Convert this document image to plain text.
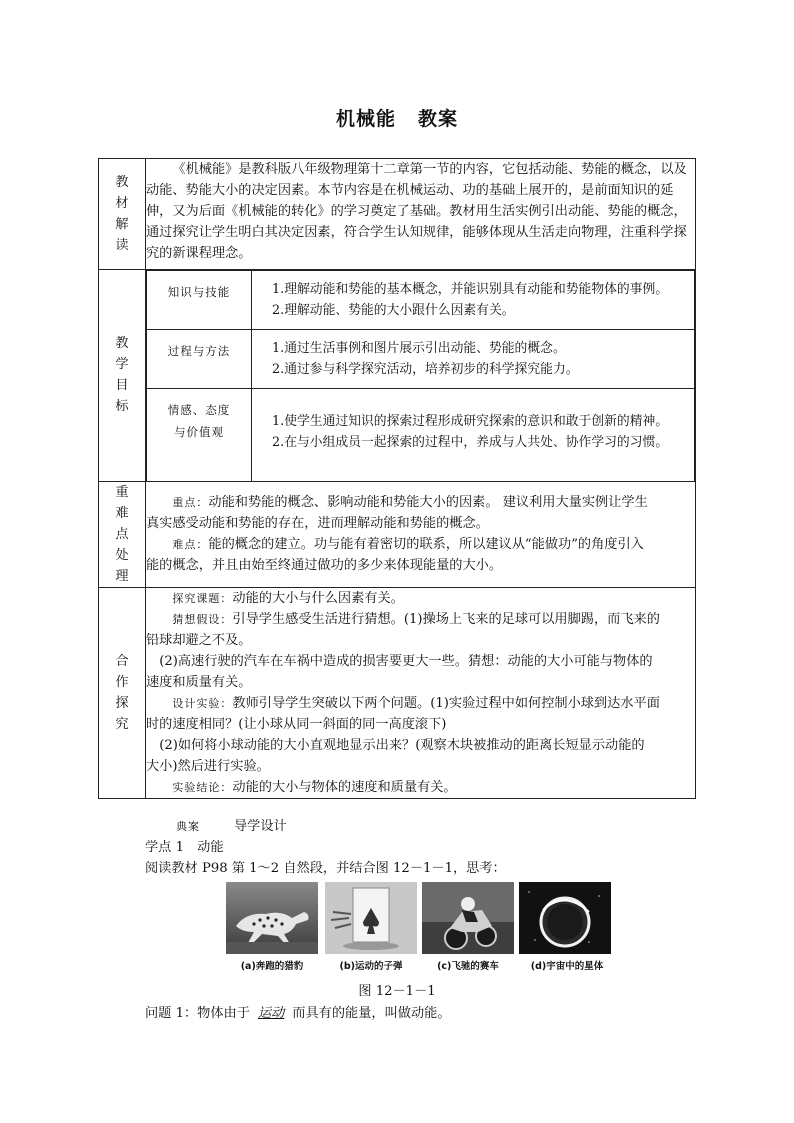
机械能 教案
教
材
解
读

《机械能》是教科版八年级物理第十二章第一节的内容，它包括动能、势能的概念，以及动能、势能大小的决定因素。本节内容是在机械运动、功的基础上展开的，是前面知识的延伸，又为后面《机械能的转化》的学习奠定了基础。教材用生活实例引出动能、势能的概念，通过探究让学生明白其决定因素，符合学生认知规律，能够体现从生活走向物理，注重科学探究的新课程理念。

教
学
目
标

知识与技能	1.理解动能和势能的基本概念，并能识别具有动能和势能物体的事例。
2.理解动能、势能的大小跟什么因素有关。

过程与方法	1.通过生活事例和图片展示引出动能、势能的概念。
2.通过参与科学探究活动，培养初步的科学探究能力。

情感、态度
与价值观

1.使学生通过知识的探索过程形成研究探索的意识和敢于创新的精神。
2.在与小组成员一起探索的过程中，养成与人共处、协作学习的习惯。

重
难
点
处
理

重点：动能和势能的概念、影响动能和势能大小的因素。 建议利用大量实例让学生
真实感受动能和势能的存在，进而理解动能和势能的概念。
难点：能的概念的建立。功与能有着密切的联系，所以建议从“能做功”的角度引入
能的概念，并且由始至终通过做功的多少来体现能量的大小。

合
作
探
究

探究课题：动能的大小与什么因素有关。
猜想假设：引导学生感受生活进行猜想。(1)操场上飞来的足球可以用脚踢，而飞来的
铅球却避之不及。
(2)高速行驶的汽车在车祸中造成的损害要更大一些。猜想：动能的大小可能与物体的
速度和质量有关。
设计实验：教师引导学生突破以下两个问题。(1)实验过程中如何控制小球到达水平面
时的速度相同？(让小球从同一斜面的同一高度滚下)
(2)如何将小球动能的大小直观地显示出来？(观察木块被推动的距离长短显示动能的
大小)然后进行实验。
实验结论：动能的大小与物体的速度和质量有关。
典案	导学设计
学点 1　动能
阅读教材 P98 第 1～2 自然段，并结合图 12－1－1，思考：
(a)奔跑的猎豹	(b)运动的子弹	(c)飞驰的赛车	(d)宇宙中的星体
图 12－1－1
问题 1：物体由于 运动 而具有的能量，叫做动能。
